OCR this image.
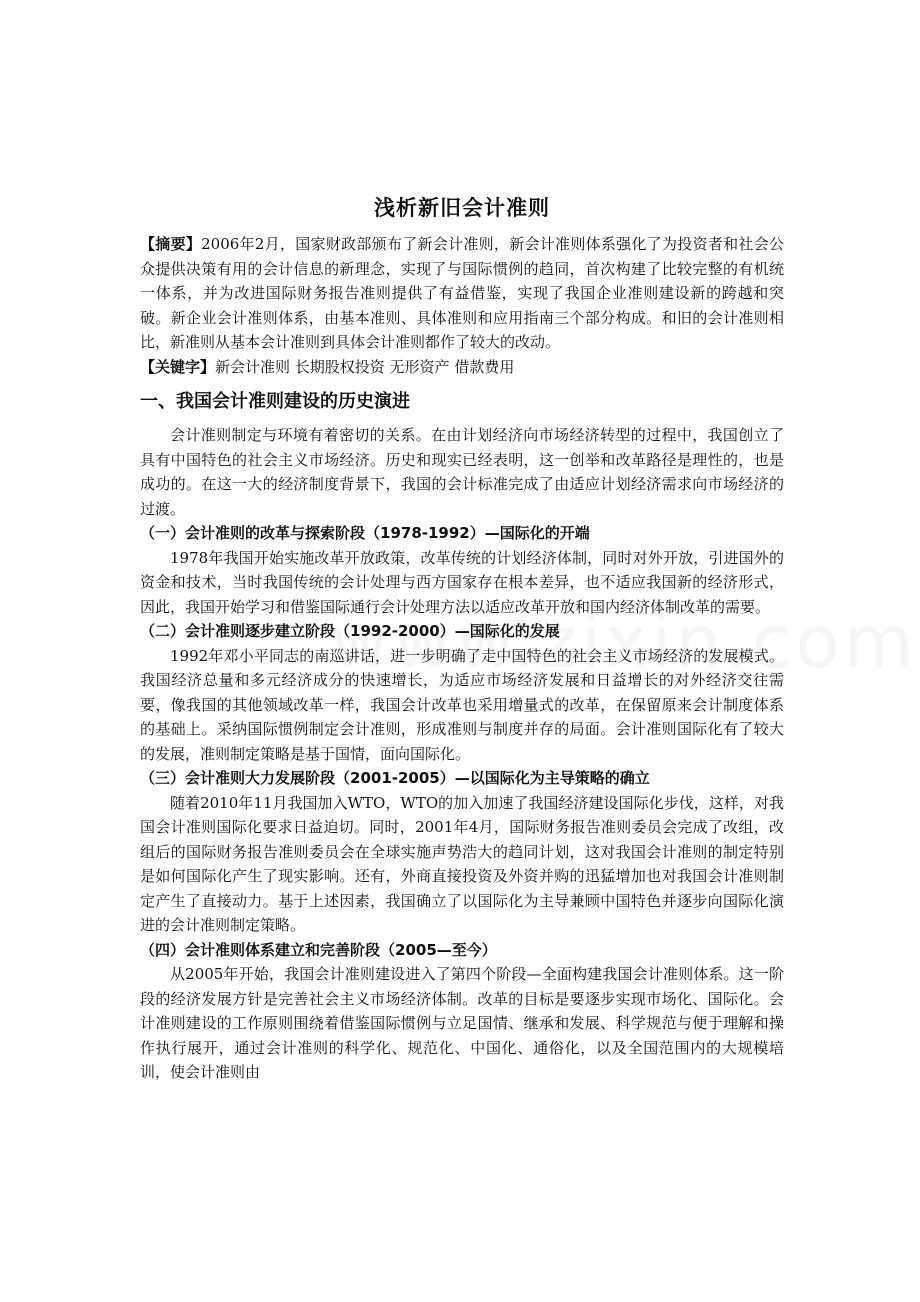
浅析新旧会计准则

【摘要】2006年2月，国家财政部颁布了新会计准则，新会计准则体系强化了为投资者和社会公众提供决策有用的会计信息的新理念，实现了与国际惯例的趋同，首次构建了比较完整的有机统一体系，并为改进国际财务报告准则提供了有益借鉴，实现了我国企业准则建设新的跨越和突破。新企业会计准则体系，由基本准则、具体准则和应用指南三个部分构成。和旧的会计准则相比，新准则从基本会计准则到具体会计准则都作了较大的改动。

【关键字】新会计准则 长期股权投资 无形资产 借款费用

一、我国会计准则建设的历史演进

会计准则制定与环境有着密切的关系。在由计划经济向市场经济转型的过程中，我国创立了具有中国特色的社会主义市场经济。历史和现实已经表明，这一创举和改革路径是理性的，也是成功的。在这一大的经济制度背景下，我国的会计标准完成了由适应计划经济需求向市场经济的过渡。

（一）会计准则的改革与探索阶段（1978-1992）—国际化的开端

1978年我国开始实施改革开放政策，改革传统的计划经济体制，同时对外开放，引进国外的资金和技术，当时我国传统的会计处理与西方国家存在根本差异，也不适应我国新的经济形式，因此，我国开始学习和借鉴国际通行会计处理方法以适应改革开放和国内经济体制改革的需要。

（二）会计准则逐步建立阶段（1992-2000）—国际化的发展

1992年邓小平同志的南巡讲话，进一步明确了走中国特色的社会主义市场经济的发展模式。我国经济总量和多元经济成分的快速增长，为适应市场经济发展和日益增长的对外经济交往需要，像我国的其他领域改革一样，我国会计改革也采用增量式的改革，在保留原来会计制度体系的基础上。采纳国际惯例制定会计准则，形成准则与制度并存的局面。会计准则国际化有了较大的发展，准则制定策略是基于国情，面向国际化。

（三）会计准则大力发展阶段（2001-2005）—以国际化为主导策略的确立

随着2010年11月我国加入WTO，WTO的加入加速了我国经济建设国际化步伐，这样，对我国会计准则国际化要求日益迫切。同时，2001年4月，国际财务报告准则委员会完成了改组，改组后的国际财务报告准则委员会在全球实施声势浩大的趋同计划，这对我国会计准则的制定特别是如何国际化产生了现实影响。还有，外商直接投资及外资并购的迅猛增加也对我国会计准则制定产生了直接动力。基于上述因素，我国确立了以国际化为主导兼顾中国特色并逐步向国际化演进的会计准则制定策略。

（四）会计准则体系建立和完善阶段（2005—至今）

从2005年开始，我国会计准则建设进入了第四个阶段—全面构建我国会计准则体系。这一阶段的经济发展方针是完善社会主义市场经济体制。改革的目标是要逐步实现市场化、国际化。会计准则建设的工作原则围绕着借鉴国际惯例与立足国情、继承和发展、科学规范与便于理解和操作执行展开，通过会计准则的科学化、规范化、中国化、通俗化，以及全国范围内的大规模培训，使会计准则由
